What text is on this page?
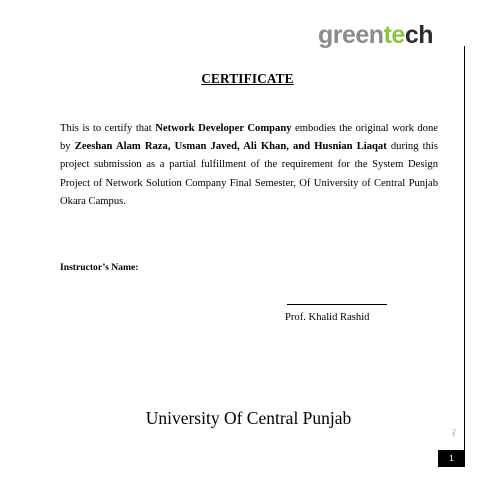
greentech
CERTIFICATE

This is to certify that Network Developer Company embodies the original work done by Zeeshan Alam Raza, Usman Javed, Ali Khan, and Husnian Liaqat during this project submission as a partial fulfillment of the requirement for the System Design Project of Network Solution Company Final Semester, Of University of Central Punjab Okara Campus.

Instructor’s Name:
Prof. Khalid Rashid
University Of Central Punjab
Page
1
